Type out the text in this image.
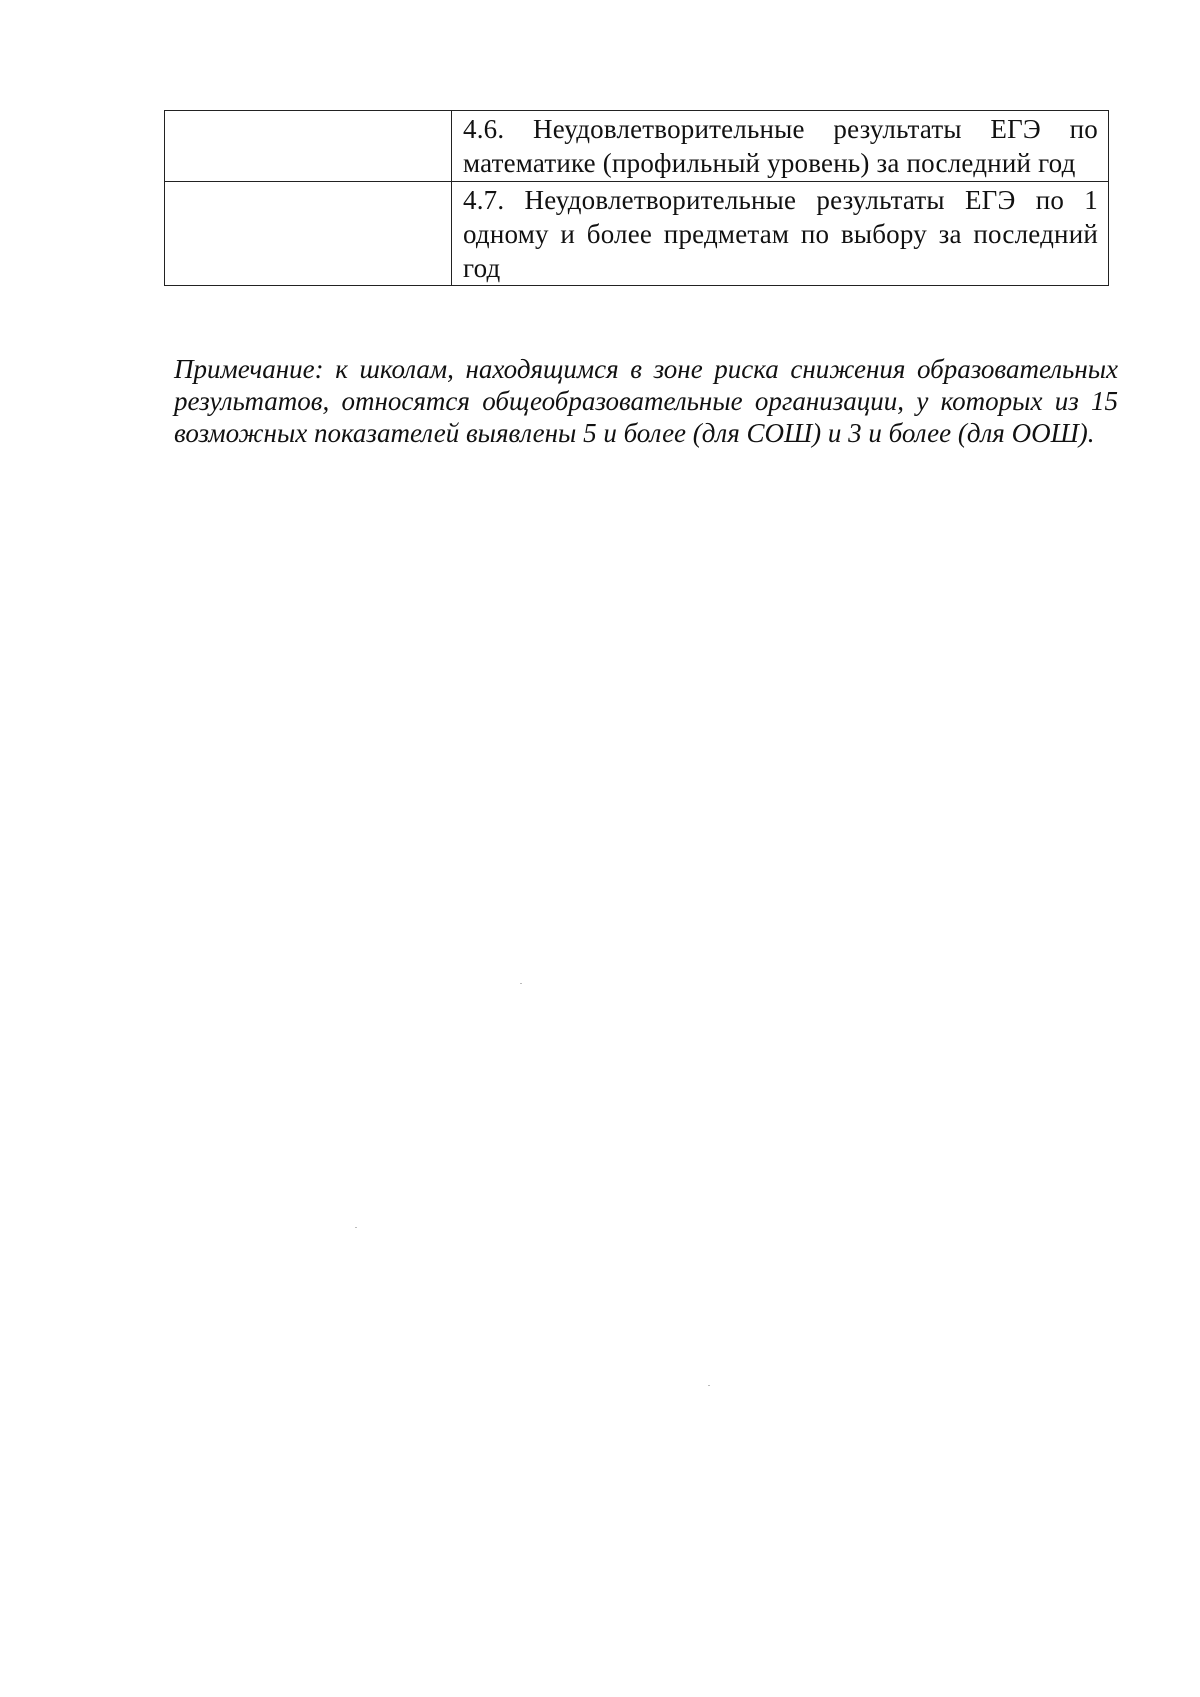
	4.6. Неудовлетворительные результаты ЕГЭ по математике (профильный уровень) за последний год

	4.7. Неудовлетворительные результаты ЕГЭ по 1 одному и более предметам по выбору за последний год

Примечание: к школам, находящимся в зоне риска снижения образовательных результатов, относятся общеобразовательные организации, у которых из 15 возможных показателей выявлены 5 и более (для СОШ) и 3 и более (для ООШ).
